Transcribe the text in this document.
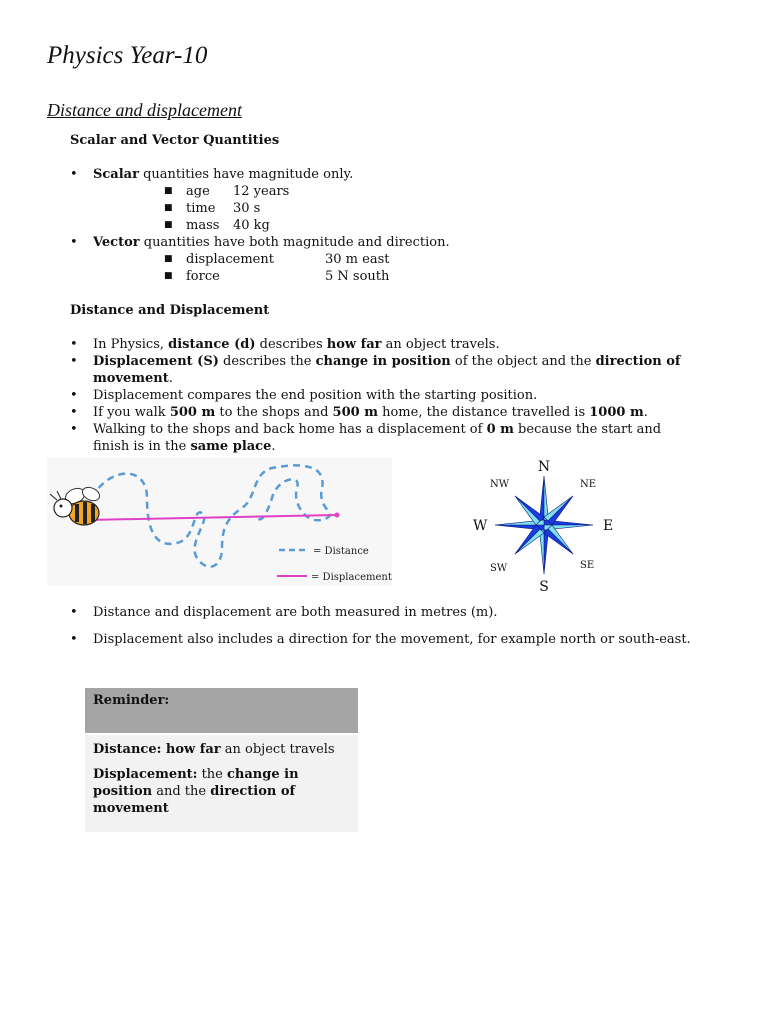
Physics Year-10
Distance and displacement
Scalar and Vector Quantities
• Scalar quantities have magnitude only.
■ age 12 years
■ time 30 s
■ mass 40 kg
• Vector quantities have both magnitude and direction.
■ displacement	30 m east
■ force	5 N south
Distance and Displacement
• In Physics, distance (d) describes how far an object travels.
• Displacement (S) describes the change in position of the object and the direction of
movement.
• Displacement compares the end position with the starting position.
• If you walk 500 m to the shops and 500 m home, the distance travelled is 1000 m.
• Walking to the shops and back home has a displacement of 0 m because the start and
finish is in the same place.
= Distance
= Displacement
N
S
E
W
NW	NE
SW	SE
• Distance and displacement are both measured in metres (m).
• Displacement also includes a direction for the movement, for example north or south-east.
Reminder:

Distance: how far an object travels

Displacement: the change in
position and the direction of
movement
